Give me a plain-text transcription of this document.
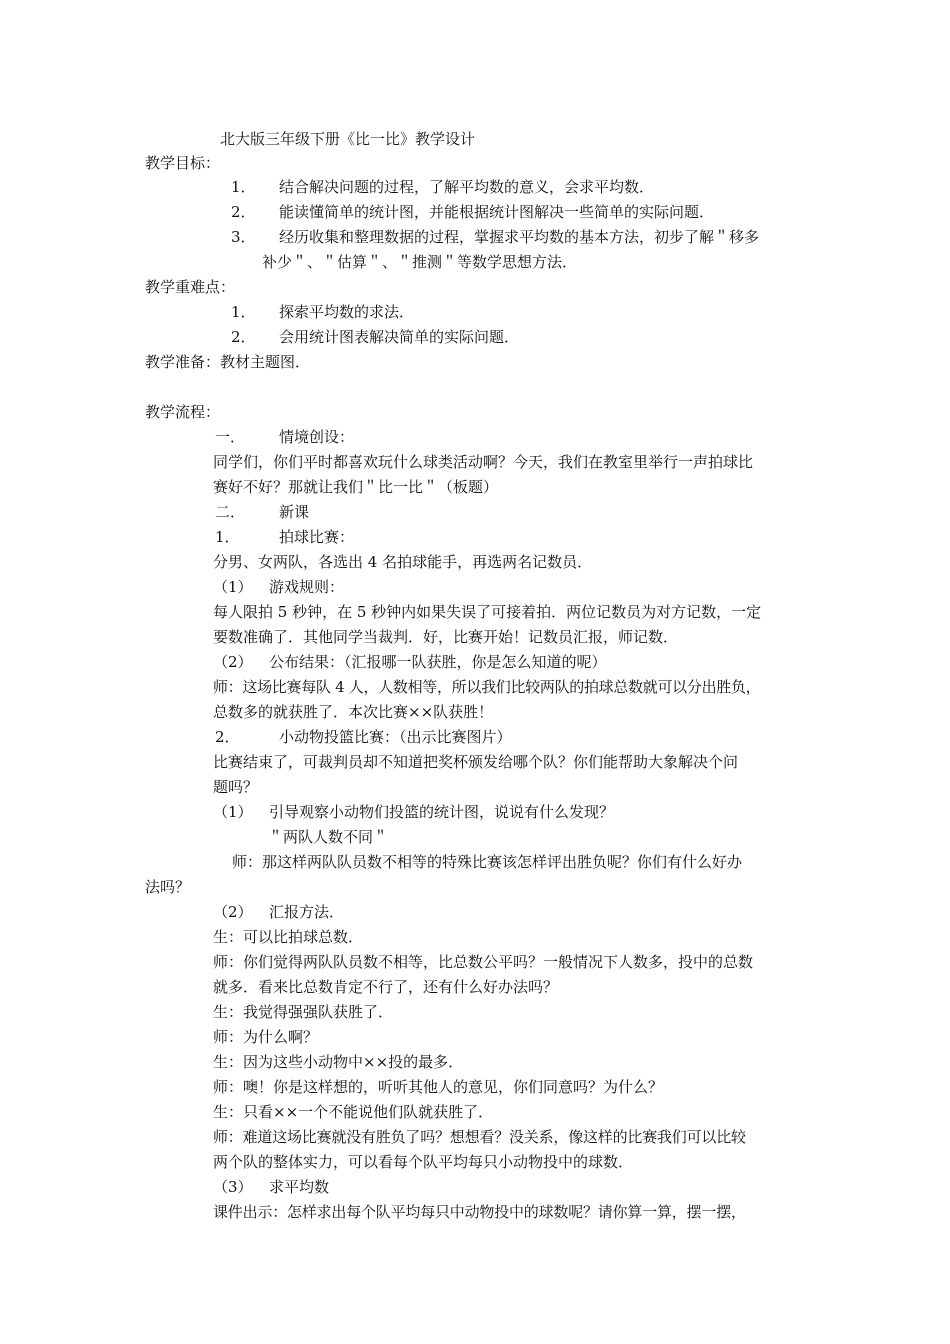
北大版三年级下册《比一比》教学设计
教学目标：
1． 结合解决问题的过程，了解平均数的意义，会求平均数．
2． 能读懂简单的统计图，并能根据统计图解决一些简单的实际问题．
3． 经历收集和整理数据的过程，掌握求平均数的基本方法，初步了解＂移多
补少＂、＂估算＂、＂推测＂等数学思想方法．
教学重难点：
1． 探索平均数的求法．
2． 会用统计图表解决简单的实际问题．
教学准备：教材主题图．
教学流程：
一． 情境创设：
同学们，你们平时都喜欢玩什么球类活动啊？今天，我们在教室里举行一声拍球比
赛好不好？那就让我们＂比一比＂（板题）
二． 新课
1．	拍球比赛：
分男、女两队，各选出 4 名拍球能手，再选两名记数员．
（1） 游戏规则：
每人限拍 5 秒钟，在 5 秒钟内如果失误了可接着拍．两位记数员为对方记数，一定
要数准确了．其他同学当裁判．好，比赛开始！记数员汇报，师记数．
（2） 公布结果：（汇报哪一队获胜，你是怎么知道的呢）
师：这场比赛每队 4 人，人数相等，所以我们比较两队的拍球总数就可以分出胜负，
总数多的就获胜了．本次比赛××队获胜！
2．	小动物投篮比赛：（出示比赛图片）
比赛结束了，可裁判员却不知道把奖杯颁发给哪个队？你们能帮助大象解决个问
题吗？
（1） 引导观察小动物们投篮的统计图，说说有什么发现？
＂两队人数不同＂
师：那这样两队队员数不相等的特殊比赛该怎样评出胜负呢？你们有什么好办
法吗？
（2） 汇报方法．
生：可以比拍球总数．
师：你们觉得两队队员数不相等，比总数公平吗？一般情况下人数多，投中的总数
就多．看来比总数肯定不行了，还有什么好办法吗？
生：我觉得强强队获胜了．
师：为什么啊？
生：因为这些小动物中××投的最多．
师：噢！你是这样想的，听听其他人的意见，你们同意吗？为什么？
生：只看××一个不能说他们队就获胜了．
师：难道这场比赛就没有胜负了吗？想想看？没关系，像这样的比赛我们可以比较
两个队的整体实力，可以看每个队平均每只小动物投中的球数．
（3） 求平均数
课件出示：怎样求出每个队平均每只中动物投中的球数呢？请你算一算，摆一摆，
